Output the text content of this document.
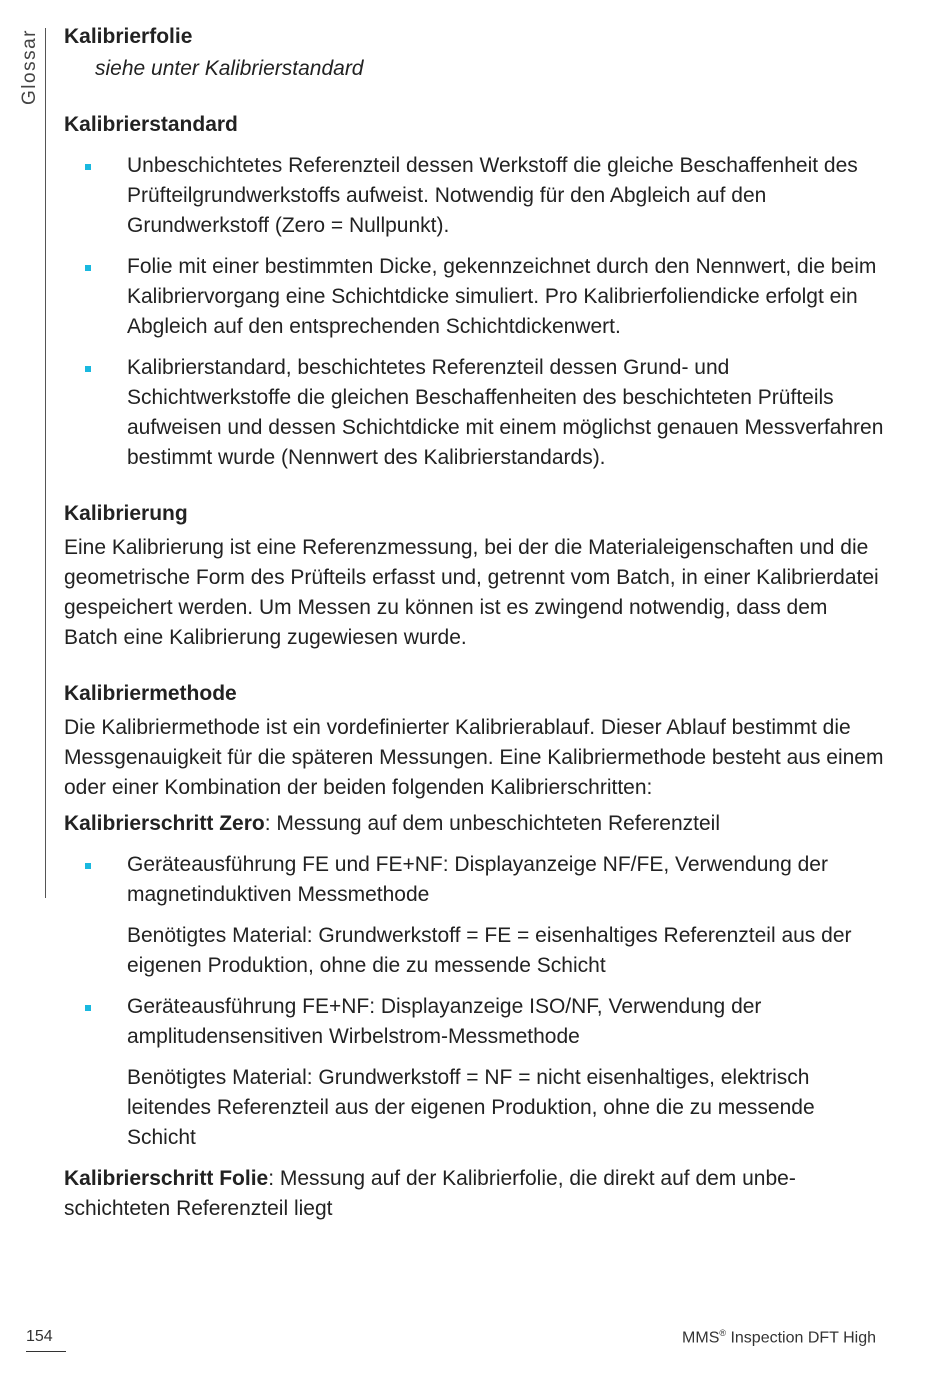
Glossar Kalibrierfolie

siehe unter Kalibrierstandard

Kalibrierstandard

Unbeschichtetes Referenzteil dessen Werkstoff die gleiche Beschaffenheit des Prüfteilgrundwerkstoffs aufweist. Notwendig für den Abgleich auf den Grundwerkstoff (Zero = Nullpunkt).
Folie mit einer bestimmten Dicke, gekennzeichnet durch den Nennwert, die beim Kalibriervorgang eine Schichtdicke simuliert. Pro Kalibrierfoliendicke erfolgt ein Abgleich auf den entsprechenden Schichtdickenwert.
Kalibrierstandard, beschichtetes Referenzteil dessen Grund- und Schichtwerkstoffe die gleichen Beschaffenheiten des beschichteten Prüfteils aufweisen und dessen Schichtdicke mit einem möglichst genauen Messverfahren bestimmt wurde (Nennwert des Kalibrierstandards).

Kalibrierung

Eine Kalibrierung ist eine Referenzmessung, bei der die Materialeigenschaften und die geometrische Form des Prüfteils erfasst und, getrennt vom Batch, in einer Kalibrierdatei gespeichert werden. Um Messen zu können ist es zwingend notwendig, dass dem Batch eine Kalibrierung zugewiesen wurde.

Kalibriermethode

Die Kalibriermethode ist ein vordefinierter Kalibrierablauf. Dieser Ablauf bestimmt die Messgenauigkeit für die späteren Messungen. Eine Kalibriermethode besteht aus einem oder einer Kombination der beiden folgenden Kalibrierschritten:

Kalibrierschritt Zero: Messung auf dem unbeschichteten Referenzteil

Geräteausführung FE und FE+NF: Displayanzeige NF/FE, Verwendung der magnetinduktiven Messmethode

Benötigtes Material: Grundwerkstoff = FE = eisenhaltiges Referenzteil aus der eigenen Produktion, ohne die zu messende Schicht

Geräteausführung FE+NF: Displayanzeige ISO/NF, Verwendung der amplitudensensitiven Wirbelstrom-Messmethode

Benötigtes Material: Grundwerkstoff = NF = nicht eisenhaltiges, elektrisch leitendes Referenzteil aus der eigenen Produktion, ohne die zu messende Schicht

Kalibrierschritt Folie: Messung auf der Kalibrierfolie, die direkt auf dem unbeschichteten Referenzteil liegt

154	MMS® Inspection DFT High
